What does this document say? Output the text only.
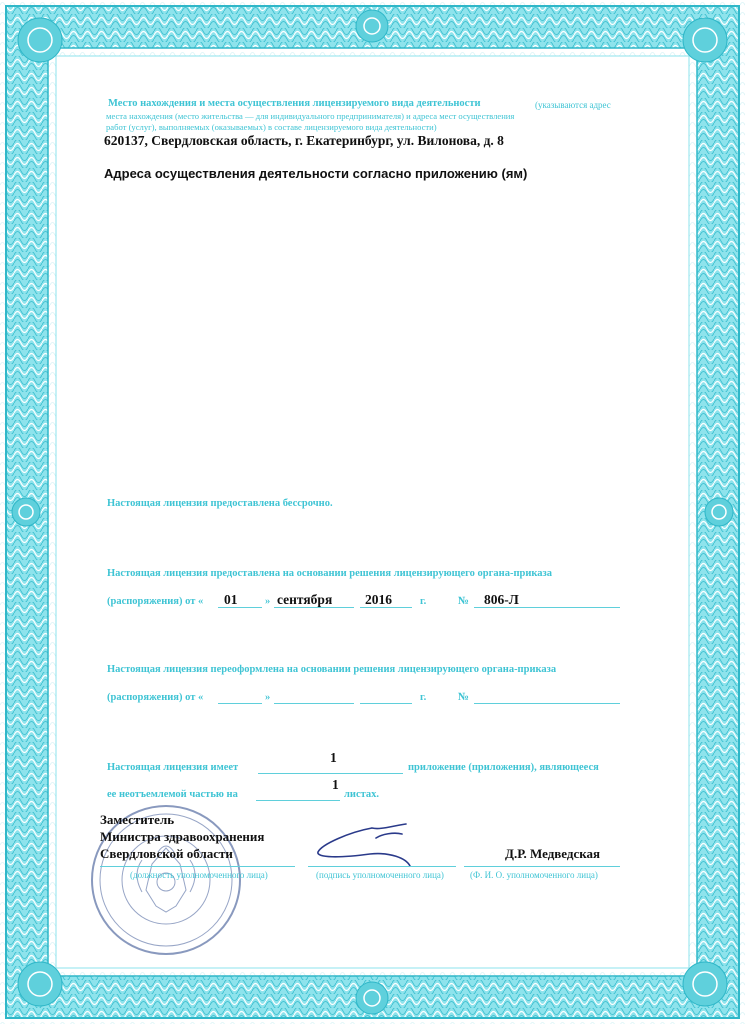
Место нахождения и места осуществления лицензируемого вида деятельности	(указываются адрес
места нахождения (место жительства — для индивидуального предпринимателя) и адреса мест осуществления
работ (услуг), выполняемых (оказываемых) в составе лицензируемого вида деятельности)
620137, Свердловская область, г. Екатеринбург, ул. Вилонова, д. 8
Адреса осуществления деятельности согласно приложению (ям)
Настоящая лицензия предоставлена бессрочно.
Настоящая лицензия предоставлена на основании решения лицензирующего органа-приказа
(распоряжения) от « 01	» сентября 2016	г.	№ 806-Л
Настоящая лицензия переоформлена на основании решения лицензирующего органа-приказа
(распоряжения) от «	»	г.	№
Настоящая лицензия имеет
1
приложение (приложения), являющееся
ее неотъемлемой частью на
1
листах.
Заместитель
Министра здравоохранения
Свердловской области	Д.Р. Медведская
(должность уполномоченного лица)	(подпись уполномоченного лица)	(Ф. И. О. уполномоченного лица)
